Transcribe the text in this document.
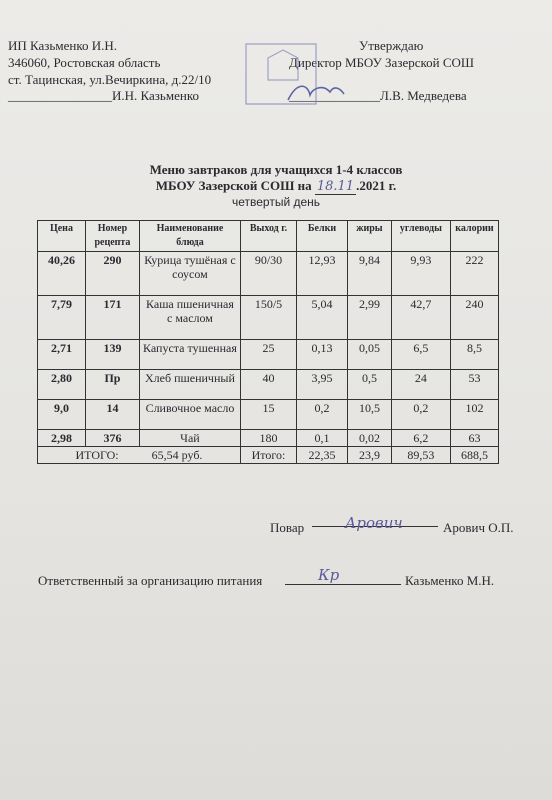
ИП Казьменко И.Н.
346060, Ростовская область
ст. Тацинская, ул.Вечиркина, д.22/10
________________И.Н. Казьменко
Утверждаю
Директор МБОУ Зазерской СОШ
______________Л.В. Медведева
Меню завтраков для учащихся 1-4 классов
МБОУ Зазерской СОШ на 18.11 .2021 г.
четвертый день
Цена	Номер рецепта	Наименование блюда	Выход г.	Белки	жиры	углеводы	калории
40,26	290	Курица тушёная с соусом	90/30	12,93	9,84	9,93	222
7,79	171	Каша пшеничная с маслом	150/5	5,04	2,99	42,7	240
2,71	139	Капуста тушенная	25	0,13	0,05	6,5	8,5
2,80	Пр	Хлеб пшеничный	40	3,95	0,5	24	53
9,0	14	Сливочное масло	15	0,2	10,5	0,2	102
2,98	376	Чай	180	0,1	0,02	6,2	63
ИТОГО: 65,54 руб.			Итого:	22,35	23,9	89,53	688,5
Повар	Арович	Арович О.П.
Ответственный за организацию питания	Кр	Казьменко М.Н.
